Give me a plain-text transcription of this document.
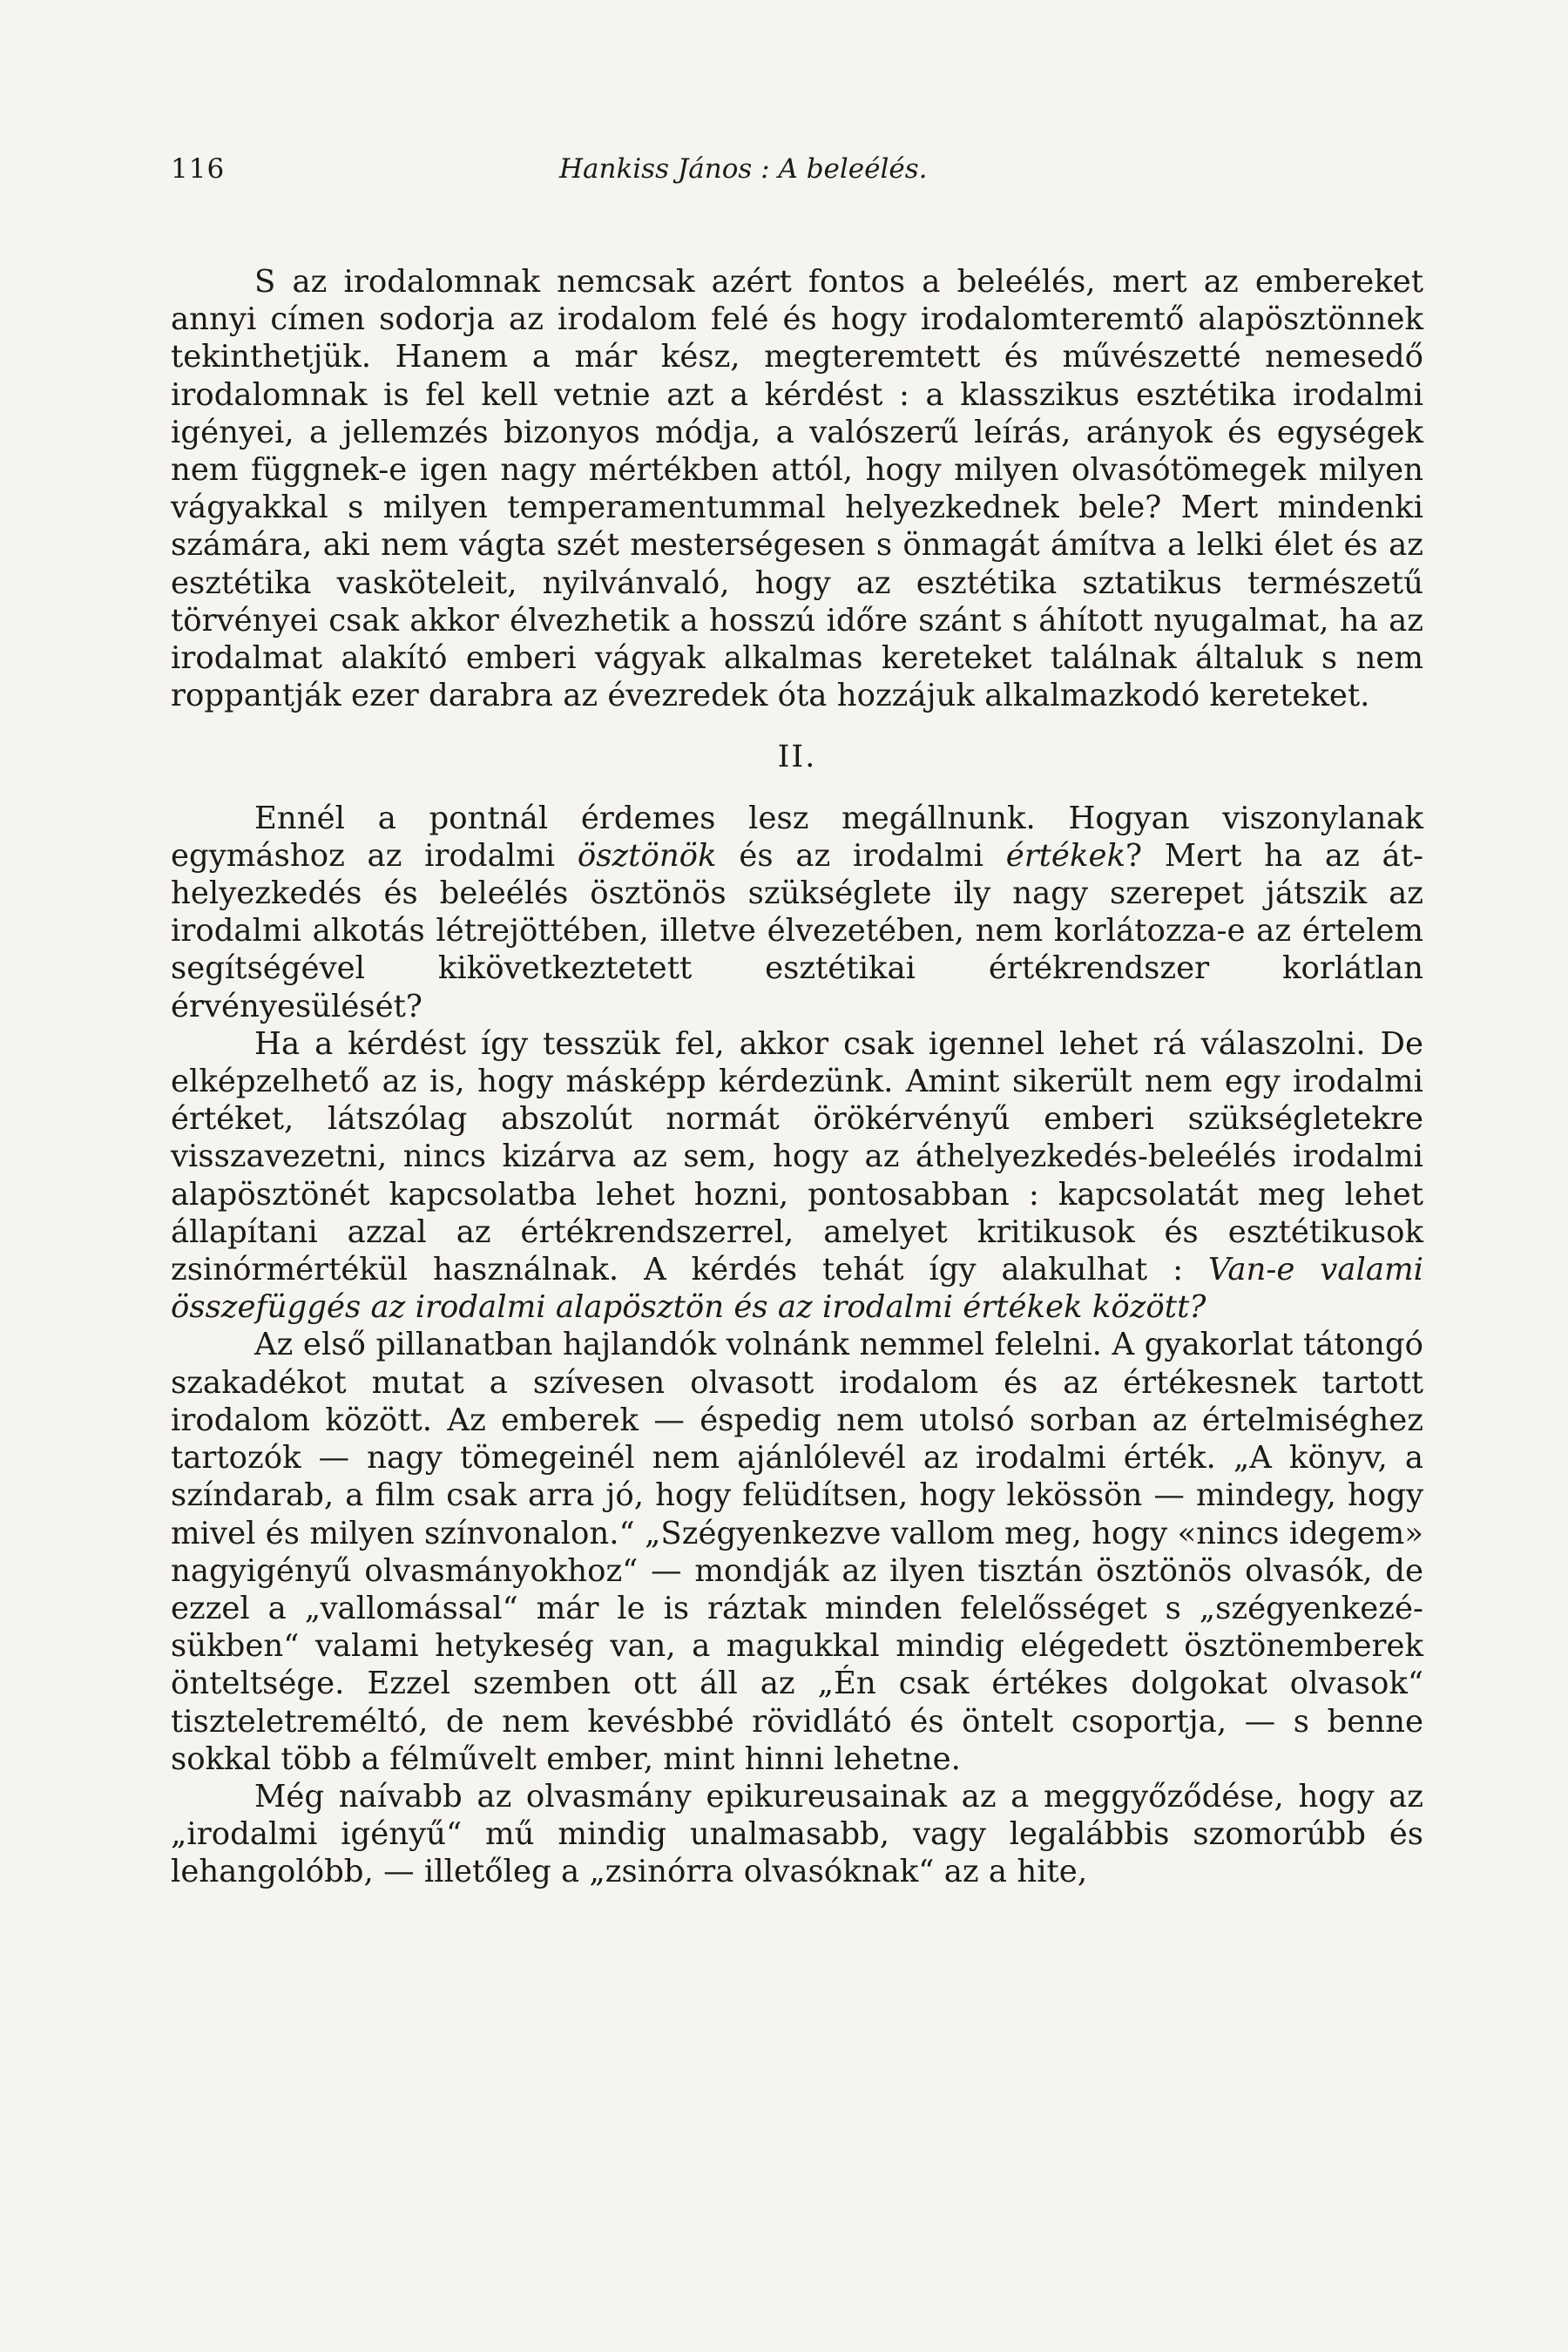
116	Hankiss János : A beleélés.

S az irodalomnak nemcsak azért fontos a beleélés, mert az embereket annyi címen sodorja az irodalom felé és hogy irodalomteremtő alapösztönnek tekinthetjük. Hanem a már kész, megteremtett és művészetté nemesedő irodalomnak is fel kell vetnie azt a kérdést : a klasszikus esztétika irodalmi igényei, a jellemzés bizonyos módja, a valószerű leírás, arányok és egységek nem függnek-e igen nagy mértékben attól, hogy milyen olvasótömegek milyen vágyakkal s milyen temperamentummal helyezkednek bele? Mert mindenki számára, aki nem vágta szét mesterségesen s önmagát ámítva a lelki élet és az esztétika vasköteleit, nyilvánvaló, hogy az esztétika sztatikus természetű törvényei csak akkor élvezhetik a hosszú időre szánt s áhított nyugalmat, ha az irodalmat alakító emberi vágyak alkalmas kereteket találnak általuk s nem roppantják ezer darabra az évezredek óta hozzájuk alkalmazkodó kereteket.

II.

Ennél a pontnál érdemes lesz megállnunk. Hogyan viszonylanak egymáshoz az irodalmi ösztönök és az irodalmi értékek? Mert ha az áthelyezkedés és beleélés ösztönös szükséglete ily nagy szerepet játszik az irodalmi alkotás létrejöttében, illetve élvezetében, nem korlátozza-e az értelem segítségével kikövetkeztetett esztétikai értékrendszer korlátlan érvényesülését?

Ha a kérdést így tesszük fel, akkor csak igennel lehet rá válaszolni. De elképzelhető az is, hogy másképp kérdezünk. Amint sikerült nem egy irodalmi értéket, látszólag abszolút normát örökérvényű emberi szükségletekre visszavezetni, nincs kizárva az sem, hogy az áthelyezkedés-beleélés irodalmi alapösztönét kapcsolatba lehet hozni, pontosabban : kapcsolatát meg lehet állapítani azzal az értékrendszerrel, amelyet kritikusok és esztétikusok zsinórmértékül használnak. A kérdés tehát így alakulhat : Van-e valami összefüggés az irodalmi alapösztön és az irodalmi értékek között?

Az első pillanatban hajlandók volnánk nemmel felelni. A gyakorlat tátongó szakadékot mutat a szívesen olvasott irodalom és az értékesnek tartott irodalom között. Az emberek — éspedig nem utolsó sorban az értelmiséghez tartozók — nagy tömegeinél nem ajánlólevél az irodalmi érték. „A könyv, a színdarab, a film csak arra jó, hogy felüdítsen, hogy lekössön — mindegy, hogy mivel és milyen színvonalon.“ „Szégyenkezve vallom meg, hogy «nincs idegem» nagyigényű olvasmányokhoz“ — mondják az ilyen tisztán ösztönös olvasók, de ezzel a „vallomással“ már le is ráztak minden felelősséget s „szégyenkezésükben“ valami hetykeség van, a magukkal mindig elégedett ösztönemberek önteltsége. Ezzel szemben ott áll az „Én csak értékes dolgokat olvasok“ tiszteletreméltó, de nem kevésbbé rövidlátó és öntelt csoportja, — s benne sokkal több a félművelt ember, mint hinni lehetne.

Még naívabb az olvasmány epikureusainak az a meggyőződése, hogy az „irodalmi igényű“ mű mindig unalmasabb, vagy legalábbis szomorúbb és lehangolóbb, — illetőleg a „zsinórra olvasóknak“ az a hite,
